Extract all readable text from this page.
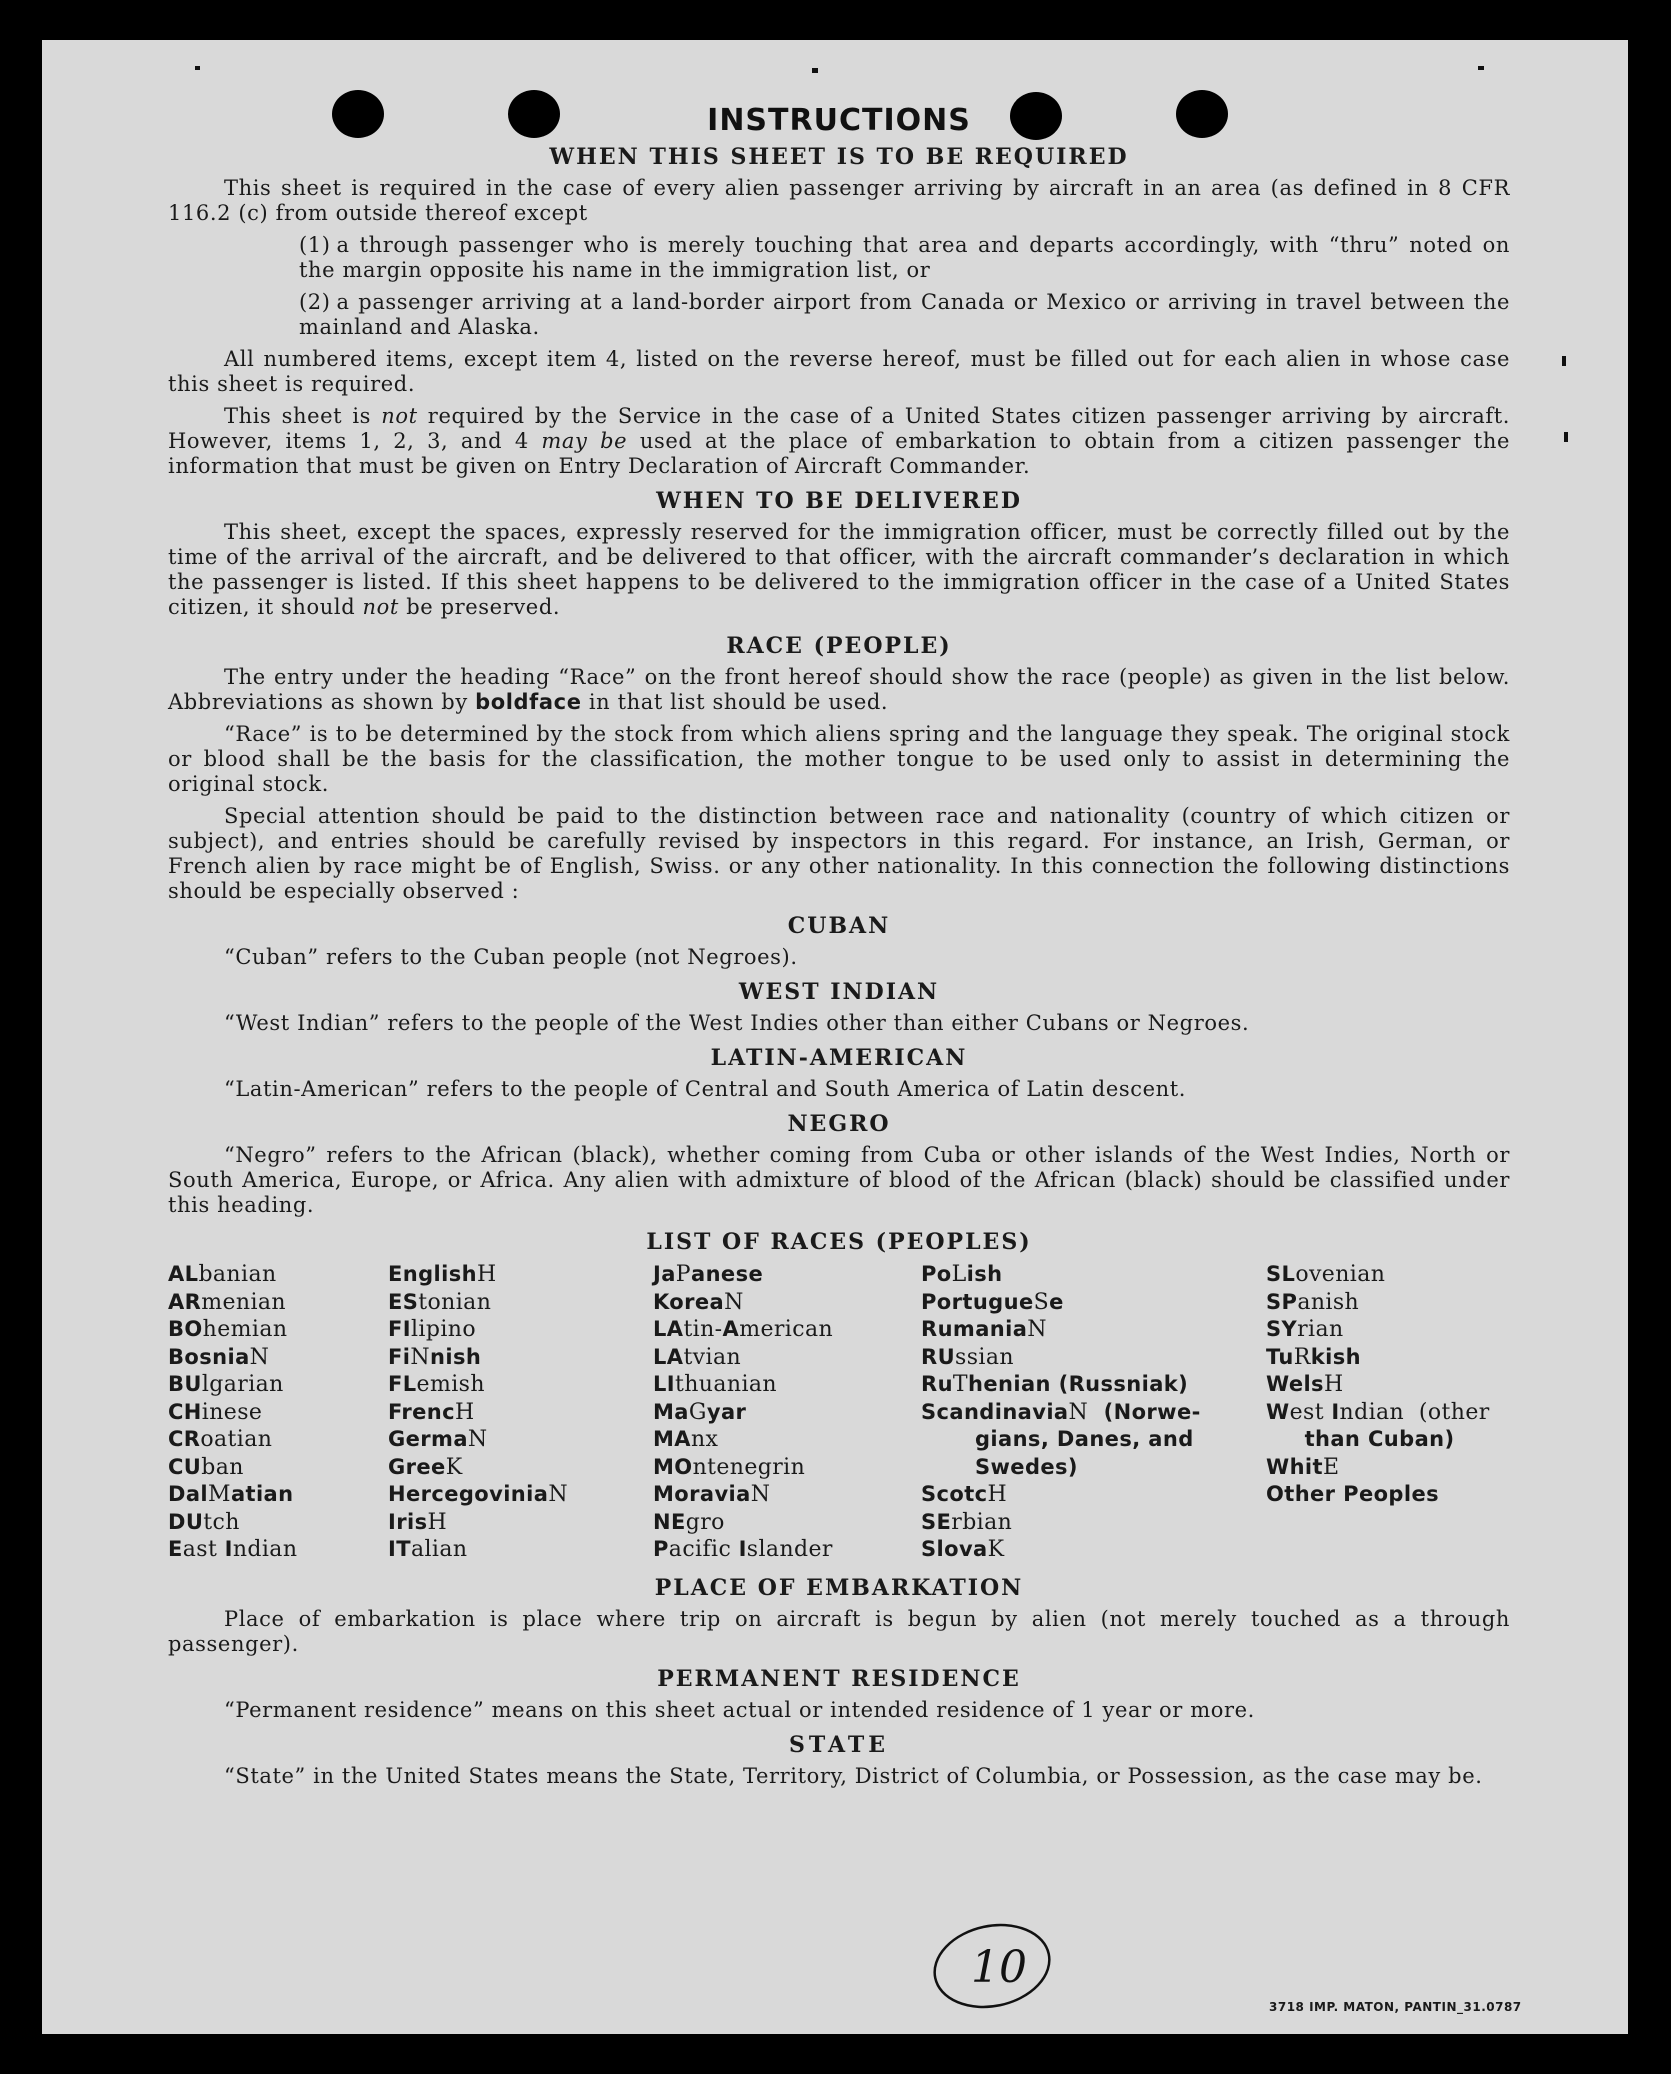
INSTRUCTIONS
WHEN THIS SHEET IS TO BE REQUIRED

This sheet is required in the case of every alien passenger arriving by aircraft in an area (as defined in 8 CFR 116.2 (c) from outside thereof except

(1) a through passenger who is merely touching that area and departs accordingly, with “thru” noted on the margin opposite his name in the immigration list, or

(2) a passenger arriving at a land-border airport from Canada or Mexico or arriving in travel between the mainland and Alaska.

All numbered items, except item 4, listed on the reverse hereof, must be filled out for each alien in whose case this sheet is required.

This sheet is not required by the Service in the case of a United States citizen passenger arriving by aircraft. However, items 1, 2, 3, and 4 may be used at the place of embarkation to obtain from a citizen passenger the information that must be given on Entry Declaration of Aircraft Commander.

WHEN TO BE DELIVERED

This sheet, except the spaces, expressly reserved for the immigration officer, must be correctly filled out by the time of the arrival of the aircraft, and be delivered to that officer, with the aircraft commander’s declaration in which the passenger is listed. If this sheet happens to be delivered to the immigration officer in the case of a United States citizen, it should not be preserved.

RACE (PEOPLE)

The entry under the heading “Race” on the front hereof should show the race (people) as given in the list below. Abbreviations as shown by boldface in that list should be used.

“Race” is to be determined by the stock from which aliens spring and the language they speak. The original stock or blood shall be the basis for the classification, the mother tongue to be used only to assist in determining the original stock.

Special attention should be paid to the distinction between race and nationality (country of which citizen or subject), and entries should be carefully revised by inspectors in this regard. For instance, an Irish, German, or French alien by race might be of English, Swiss. or any other nationality. In this connection the following distinctions should be especially observed :

CUBAN

“Cuban” refers to the Cuban people (not Negroes).

WEST INDIAN

“West Indian” refers to the people of the West Indies other than either Cubans or Negroes.

LATIN-AMERICAN

“Latin-American” refers to the people of Central and South America of Latin descent.

NEGRO

“Negro” refers to the African (black), whether coming from Cuba or other islands of the West Indies, North or South America, Europe, or Africa. Any alien with admixture of blood of the African (black) should be classified under this heading.

LIST OF RACES (PEOPLES)
ALbanian
ARmenian
BOhemian
BosniaN
BUlgarian
CHinese
CRoatian
CUban
DalMatian
DUtch
East Indian
EnglishH
EStonian
FIlipino
FiNnish
FLemish
FrencH
GermaN
GreeK
HercegoviniaN
IrisH
ITalian
JaPanese
KoreaN
LAtin-American
LAtvian
LIthuanian
MaGyar
MAnx
MOntenegrin
MoraviaN
NEgro
Pacific Islander
PoLish
PortugueSe
RumaniaN
RUssian
RuThenian (Russniak)
ScandinaviaN  (Norwe-
gians, Danes, and
Swedes)
ScotcH
SErbian
SlovaK
SLovenian
SPanish
SYrian
TuRkish
WelsH
West Indian  (other
than Cuban)
WhitE
Other Peoples
PLACE OF EMBARKATION

Place of embarkation is place where trip on aircraft is begun by alien (not merely touched as a through passenger).

PERMANENT RESIDENCE

“Permanent residence” means on this sheet actual or intended residence of 1 year or more.

STATE

“State” in the United States means the State, Territory, District of Columbia, or Possession, as the case may be.

10
3718 IMP. MATON, PANTIN_31.0787
